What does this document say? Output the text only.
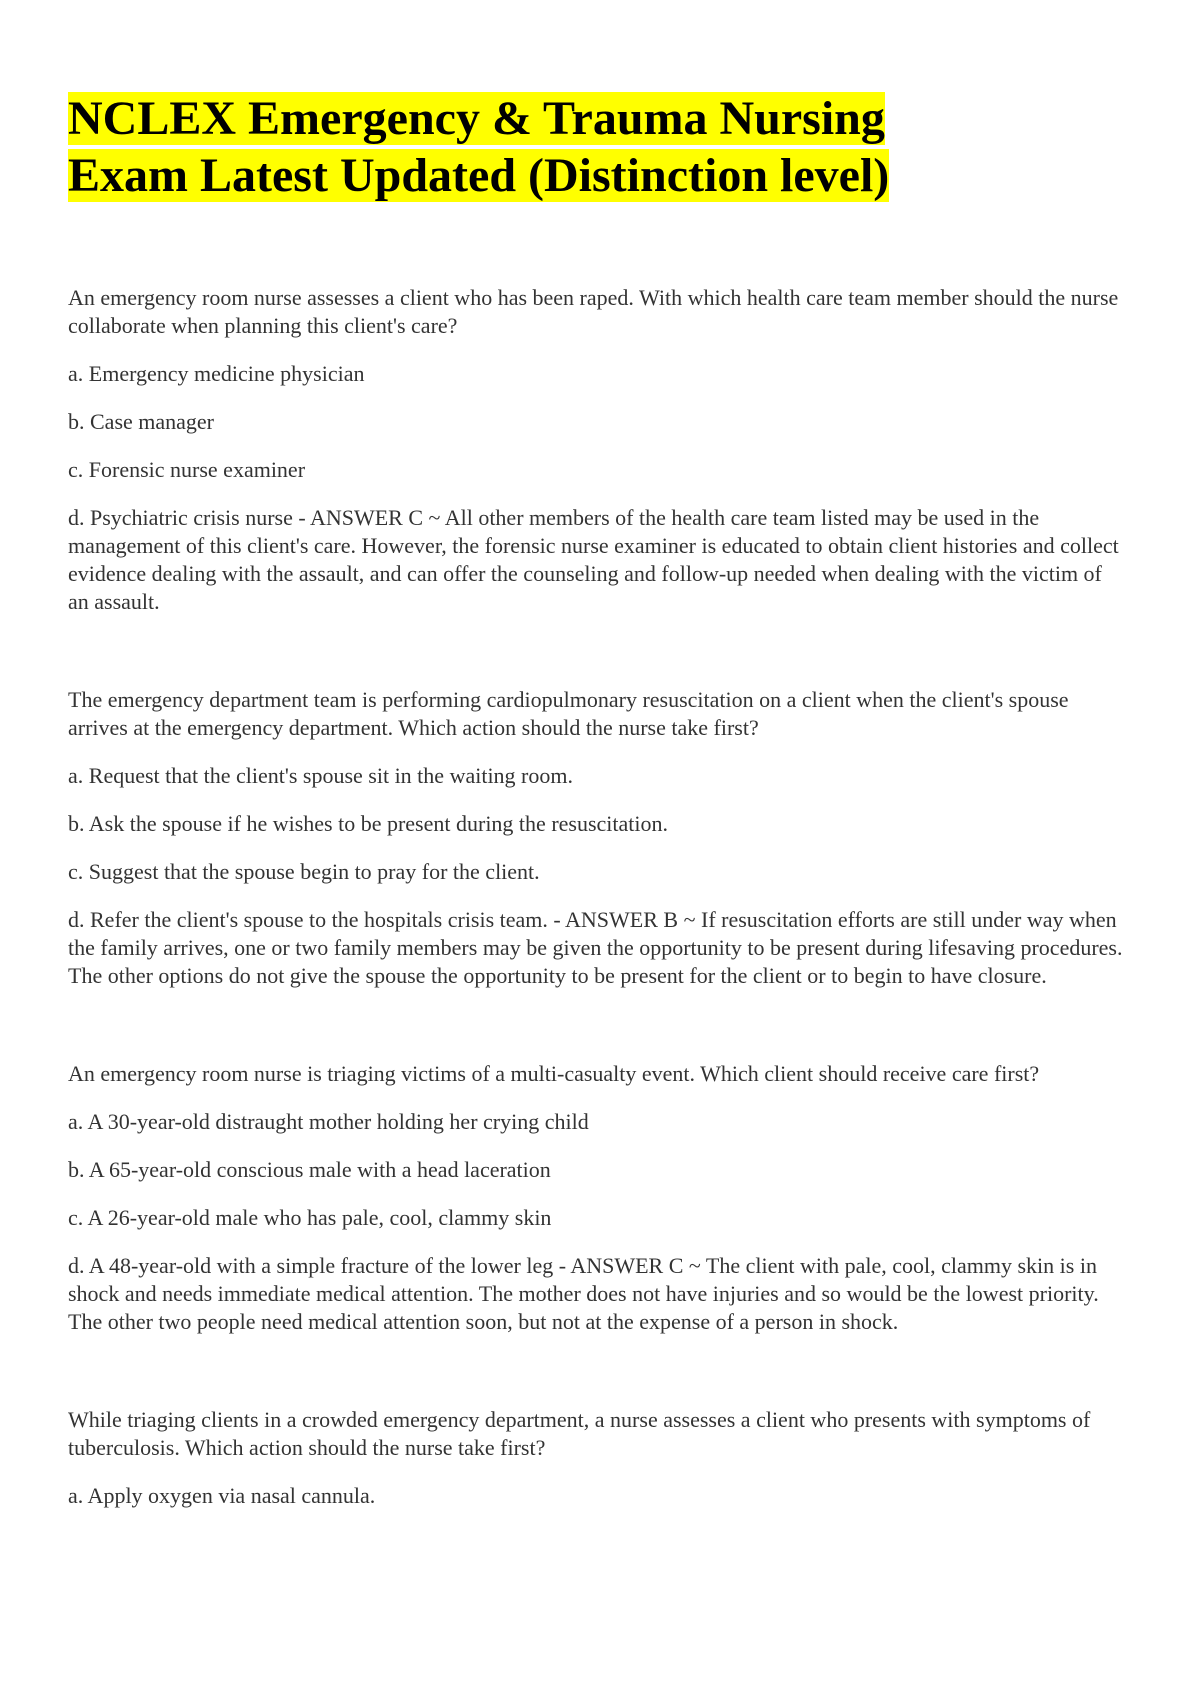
NCLEX Emergency & Trauma Nursing
Exam Latest Updated (Distinction level)

An emergency room nurse assesses a client who has been raped. With which health care team member should the nurse collaborate when planning this client's care?

a. Emergency medicine physician

b. Case manager

c. Forensic nurse examiner

d. Psychiatric crisis nurse - ANSWER C ~ All other members of the health care team listed may be used in the management of this client's care. However, the forensic nurse examiner is educated to obtain client histories and collect evidence dealing with the assault, and can offer the counseling and follow-up needed when dealing with the victim of an assault.

The emergency department team is performing cardiopulmonary resuscitation on a client when the client's spouse arrives at the emergency department. Which action should the nurse take first?

a. Request that the client's spouse sit in the waiting room.

b. Ask the spouse if he wishes to be present during the resuscitation.

c. Suggest that the spouse begin to pray for the client.

d. Refer the client's spouse to the hospitals crisis team. - ANSWER B ~ If resuscitation efforts are still under way when the family arrives, one or two family members may be given the opportunity to be present during lifesaving procedures. The other options do not give the spouse the opportunity to be present for the client or to begin to have closure.

An emergency room nurse is triaging victims of a multi-casualty event. Which client should receive care first?

a. A 30-year-old distraught mother holding her crying child

b. A 65-year-old conscious male with a head laceration

c. A 26-year-old male who has pale, cool, clammy skin

d. A 48-year-old with a simple fracture of the lower leg - ANSWER C ~ The client with pale, cool, clammy skin is in shock and needs immediate medical attention. The mother does not have injuries and so would be the lowest priority. The other two people need medical attention soon, but not at the expense of a person in shock.

While triaging clients in a crowded emergency department, a nurse assesses a client who presents with symptoms of tuberculosis. Which action should the nurse take first?

a. Apply oxygen via nasal cannula.
